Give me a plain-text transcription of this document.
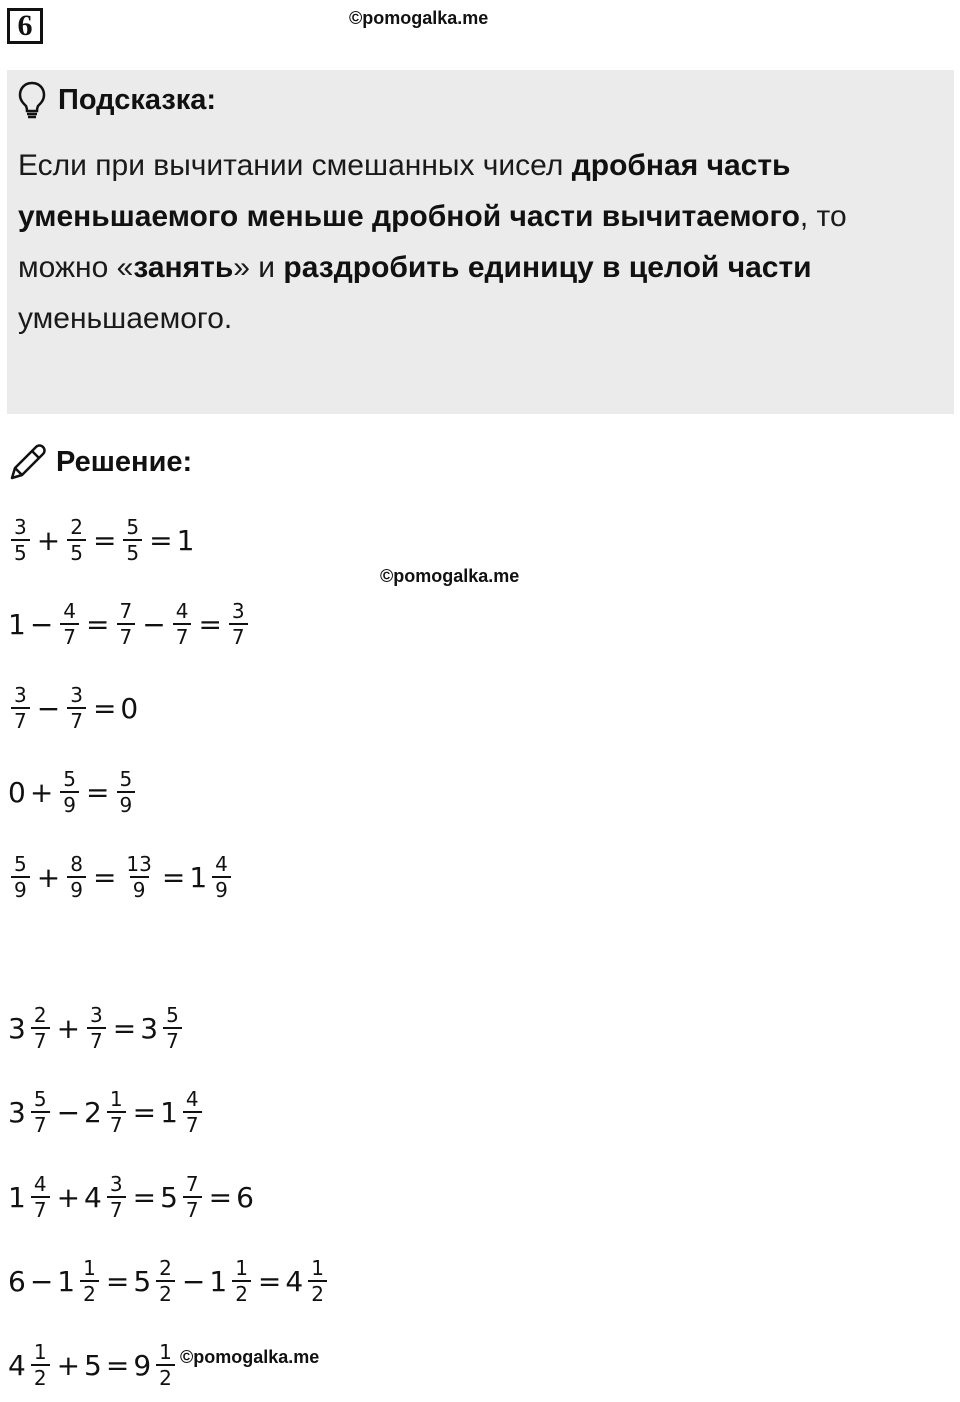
6	©pomogalka.me
Подсказка:
Если при вычитании смешанных чисел дробная часть уменьшаемого меньше дробной части вычитаемого, то можно «занять» и раздробить единицу в целой части уменьшаемого.
Решение:
©pomogalka.me
$\frac{3}{5} + \frac{2}{5} = \frac{5}{5} = 1$
$1 - \frac{4}{7} = \frac{7}{7} - \frac{4}{7} = \frac{3}{7}$
$\frac{3}{7} - \frac{3}{7} = 0$
$0 + \frac{5}{9} = \frac{5}{9}$
$\frac{5}{9} + \frac{8}{9} = \frac{13}{9} = 1 \frac{4}{9}$
$3 \frac{2}{7} + \frac{3}{7} = 3 \frac{5}{7}$
$3 \frac{5}{7} - 2 \frac{1}{7} = 1 \frac{4}{7}$
$1 \frac{4}{7} + 4 \frac{3}{7} = 5 \frac{7}{7} = 6$
$6 - 1 \frac{1}{2} = 5 \frac{2}{2} - 1 \frac{1}{2} = 4 \frac{1}{2}$
$4 \frac{1}{2} + 5 = 9 \frac{1}{2}$ ©pomogalka.me
